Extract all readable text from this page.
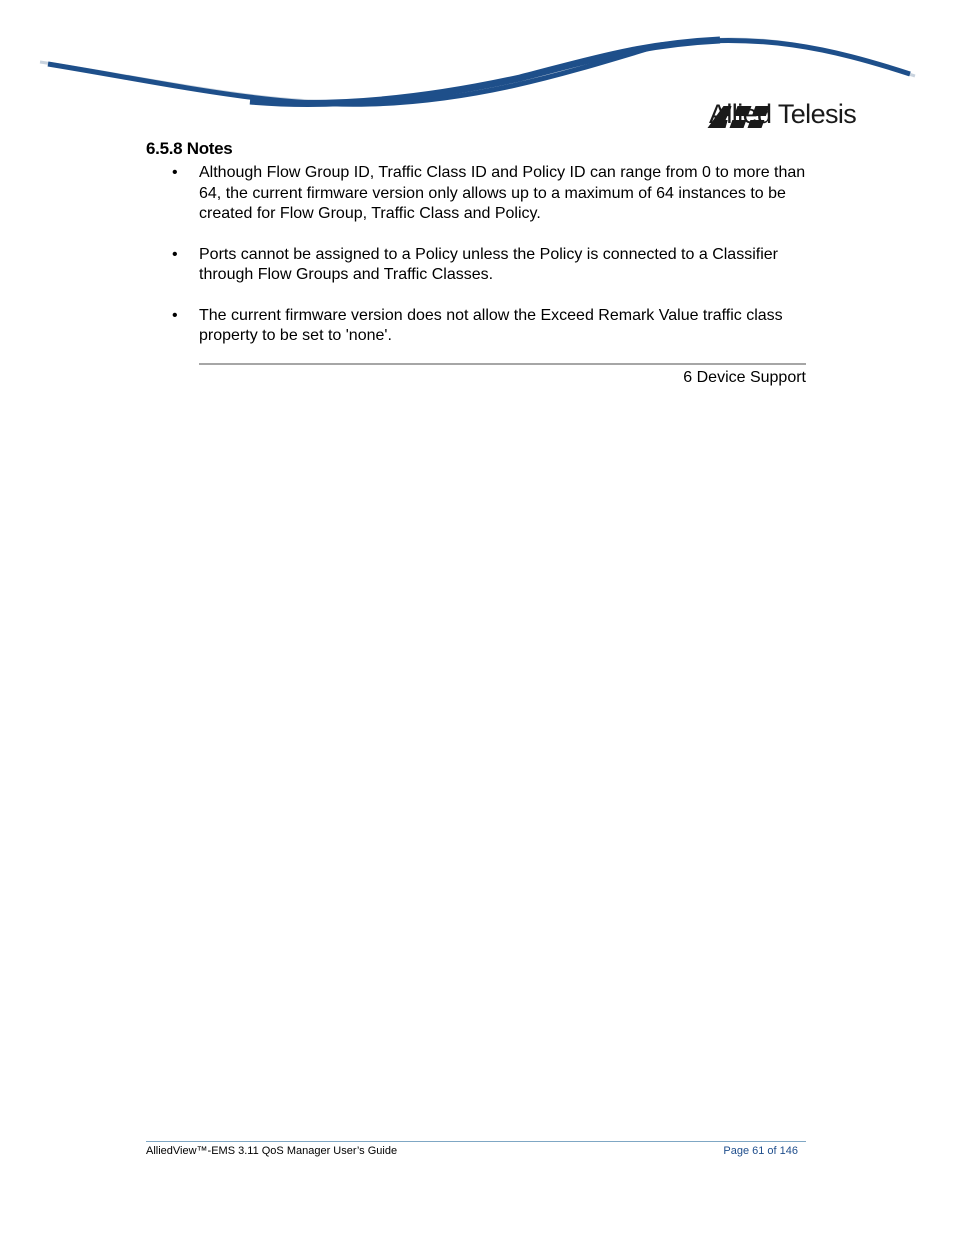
Allied Telesis
6.5.8 Notes
• Although Flow Group ID, Traffic Class ID and Policy ID can range from 0 to more than 64, the current firmware version only allows up to a maximum of 64 instances to be created for Flow Group, Traffic Class and Policy.
• Ports cannot be assigned to a Policy unless the Policy is connected to a Classifier through Flow Groups and Traffic Classes.
• The current firmware version does not allow the Exceed Remark Value traffic class property to be set to 'none'.
6 Device Support
AlliedView™-EMS 3.11 QoS Manager User’s Guide	Page 61 of 146
